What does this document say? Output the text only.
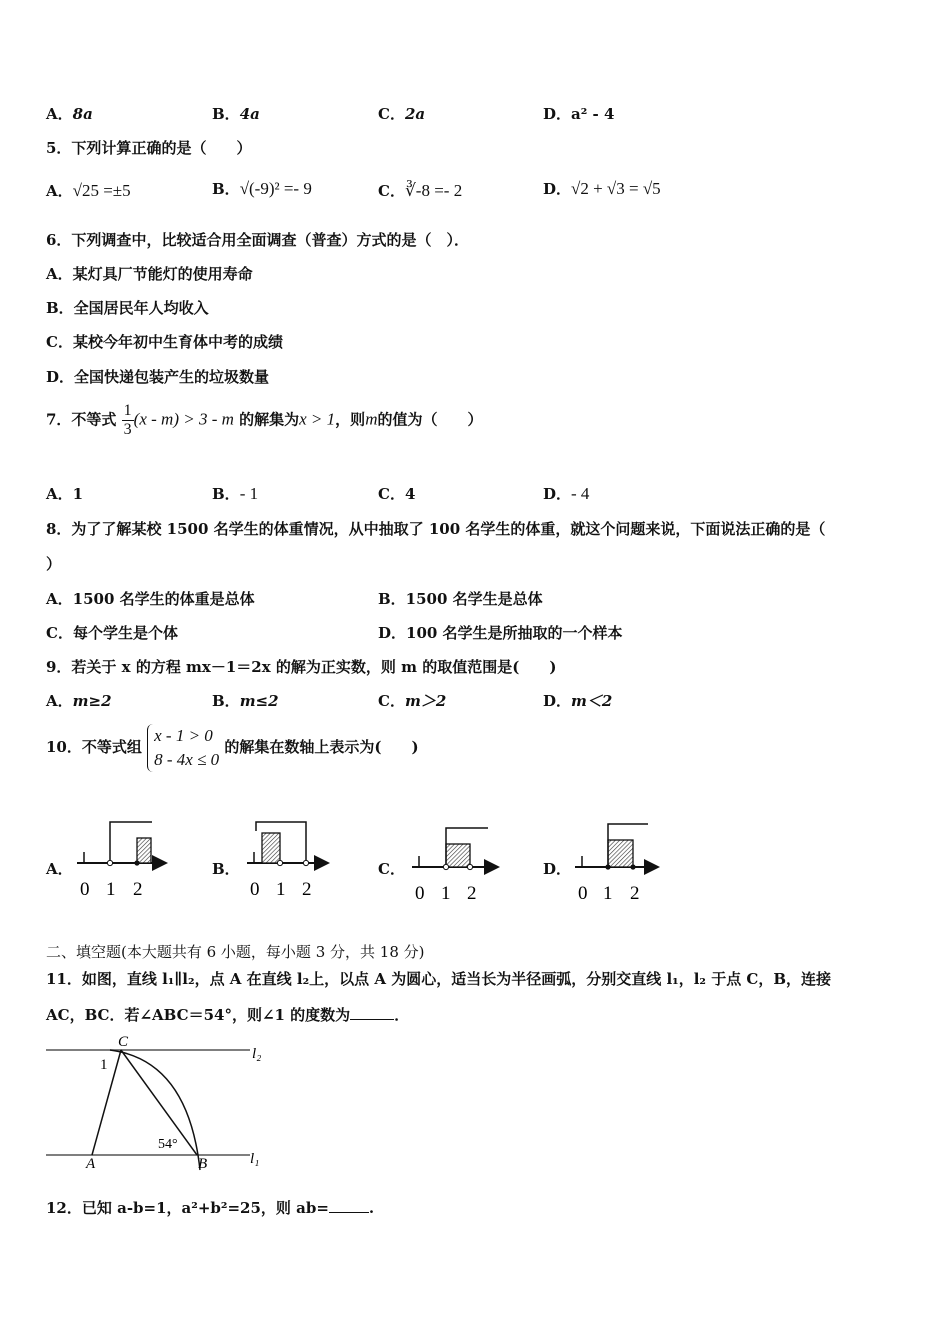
A．8a	B．4a	C．2a	D．a² - 4
5．下列计算正确的是（　　）
A．√25 =±5	B．√(-9)² =- 9	C．∛-8 =- 2	D．√2 + √3 = √5
6．下列调查中，比较适合用全面调查（普查）方式的是（　）．
A．某灯具厂节能灯的使用寿命
B．全国居民年人均收入
C．某校今年初中生育体中考的成绩
D．全国快递包装产生的垃圾数量
7．不等式 $\frac{1}{3} (x - m) > 3 - m$ 的解集为x > 1，则m的值为（　　）
A．1	B．- 1	C．4	D．- 4
8．为了了解某校 1500 名学生的体重情况，从中抽取了 100 名学生的体重，就这个问题来说，下面说法正确的是（
）
A．1500 名学生的体重是总体	B．1500 名学生是总体
C．每个学生是个体	D．100 名学生是所抽取的一个样本
9．若关于 x 的方程 mx－1＝2x 的解为正实数，则 m 的取值范围是(　　)
A．m≥2	B．m≤2	C．m＞2	D．m＜2
10．不等式组
x - 1 > 0
8 - 4x ≤ 0
的解集在数轴上表示为(　　)
A．	B．	C．	D．
0 1 2	0 1 2	0 1 2	0 1 2
C
1
A	B
54°
l₂
l₁
二、填空题(本大题共有 6 小题，每小题 3 分，共 18 分)
11．如图，直线 l₁∥l₂，点 A 在直线 l₂上，以点 A 为圆心，适当长为半径画弧，分别交直线 l₁，l₂ 于点 C，B，连接
AC，BC．若∠ABC＝54°，则∠1 的度数为	．
12．已知 a-b=1，a²+b²=25，则 ab=	.
